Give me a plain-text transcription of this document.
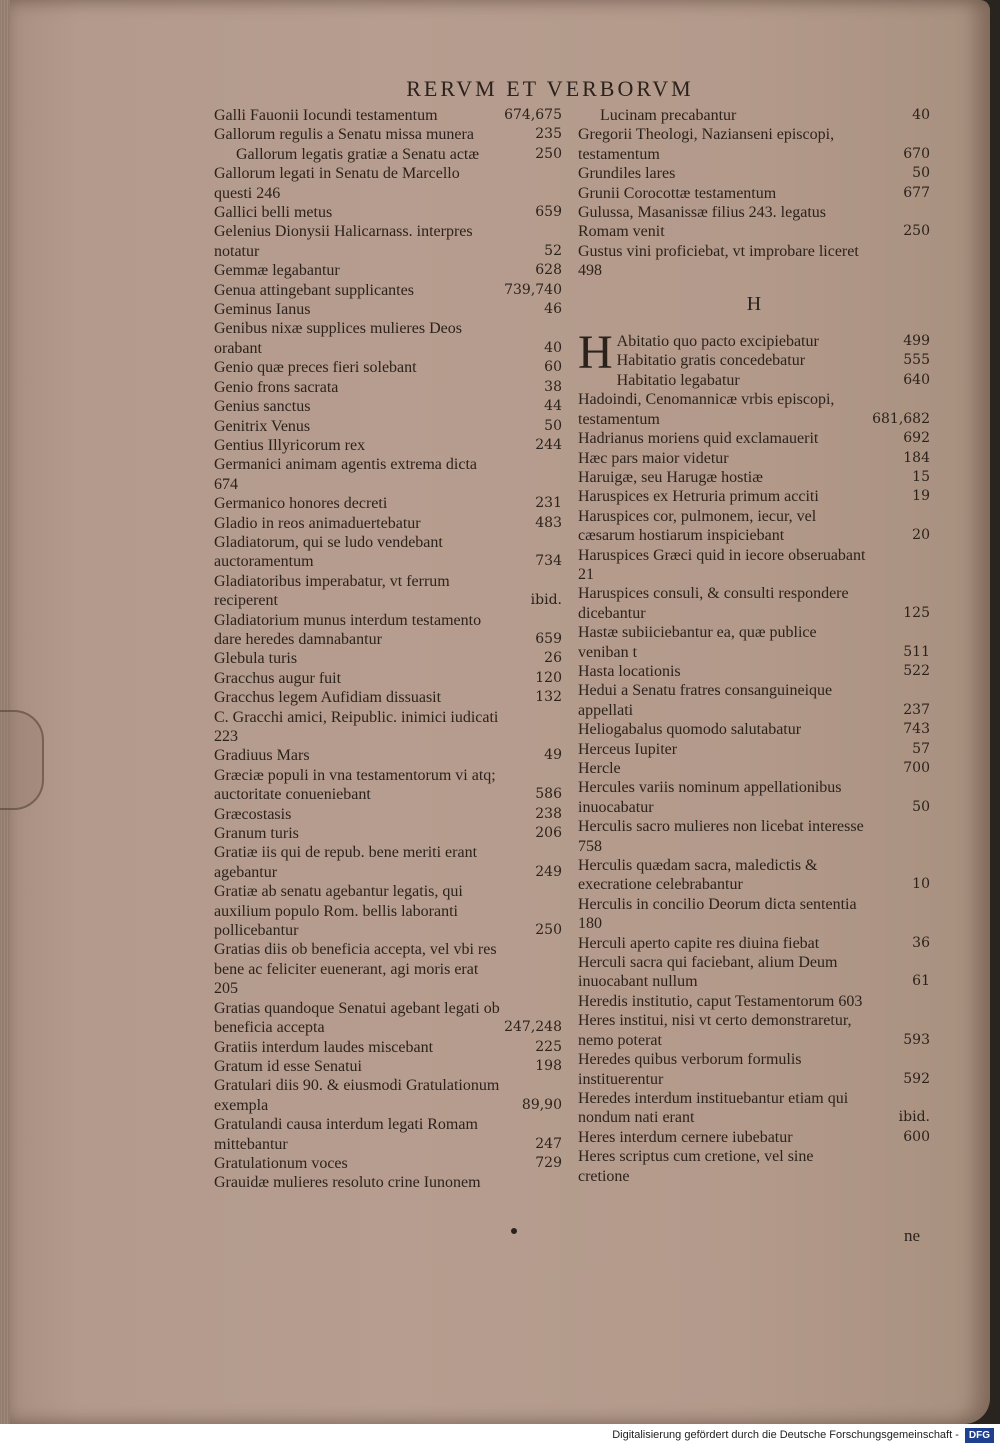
RERVM ET VERBORVM
Galli Fauonii Iocundi testamentum	674,675
Gallorum regulis a Senatu missa munera	235
Gallorum legatis gratiæ a Senatu actæ	250
Gallorum legati in Senatu de Marcello questi 246
Gallici belli metus	659
Gelenius Dionysii Halicarnass. interpres notatur	52
Gemmæ legabantur	628
Genua attingebant supplicantes	739,740
Geminus Ianus	46
Genibus nixæ supplices mulieres Deos orabant	40
Genio quæ preces fieri solebant	60
Genio frons sacrata	38
Genius sanctus	44
Genitrix Venus	50
Gentius Illyricorum rex	244
Germanici animam agentis extrema dicta 674
Germanico honores decreti	231
Gladio in reos animaduertebatur	483
Gladiatorum, qui se ludo vendebant auctoramentum	734
Gladiatoribus imperabatur, vt ferrum reciperent	ibid.
Gladiatorium munus interdum testamento dare heredes damnabantur	659
Glebula turis	26
Gracchus augur fuit	120
Gracchus legem Aufidiam dissuasit	132
C. Gracchi amici, Reipublic. inimici iudicati 223
Gradiuus Mars	49
Græciæ populi in vna testamentorum vi atq; auctoritate conueniebant	586
Græcostasis	238
Granum turis	206
Gratiæ iis qui de repub. bene meriti erant agebantur	249
Gratiæ ab senatu agebantur legatis, qui auxilium populo Rom. bellis laboranti pollicebantur	250
Gratias diis ob beneficia accepta, vel vbi res bene ac feliciter euenerant, agi moris erat 205
Gratias quandoque Senatui agebant legati ob beneficia accepta	247,248
Gratiis interdum laudes miscebant	225
Gratum id esse Senatui	198
Gratulari diis 90. & eiusmodi Gratulationum exempla	89,90
Gratulandi causa interdum legati Romam mittebantur	247
Gratulationum voces	729
Grauidæ mulieres resoluto crine Iunonem
Lucinam precabantur	40
Gregorii Theologi, Nazianseni episcopi, testamentum	670
Grundiles lares	50
Grunii Corocottæ testamentum	677
Gulussa, Masanissæ filius 243. legatus Romam venit	250
Gustus vini proficiebat, vt improbare liceret 498
H
H Abitatio quo pacto excipiebatur	499
Habitatio gratis concedebatur	555
Habitatio legabatur	640
Hadoindi, Cenomannicæ vrbis episcopi, testamentum	681,682
Hadrianus moriens quid exclamauerit	692
Hæc pars maior videtur	184
Haruigæ, seu Harugæ hostiæ	15
Haruspices ex Hetruria primum acciti	19
Haruspices cor, pulmonem, iecur, vel cæsarum hostiarum inspiciebant	20
Haruspices Græci quid in iecore obseruabant 21
Haruspices consuli, & consulti respondere dicebantur	125
Hastæ subiiciebantur ea, quæ publice veniban t	511
Hasta locationis	522
Hedui a Senatu fratres consanguineique appellati	237
Heliogabalus quomodo salutabatur	743
Herceus Iupiter	57
Hercle	700
Hercules variis nominum appellationibus inuocabatur	50
Herculis sacro mulieres non licebat interesse 758
Herculis quædam sacra, maledictis & execratione celebrabantur	10
Herculis in concilio Deorum dicta sententia 180
Herculi aperto capite res diuina fiebat	36
Herculi sacra qui faciebant, alium Deum inuocabant nullum	61
Heredis institutio, caput Testamentorum 603
Heres institui, nisi vt certo demonstraretur, nemo poterat	593
Heredes quibus verborum formulis instituerentur	592
Heredes interdum instituebantur etiam qui nondum nati erant	ibid.
Heres interdum cernere iubebatur	600
Heres scriptus cum cretione, vel sine cretione
ne
Digitalisierung gefördert durch die Deutsche Forschungsgemeinschaft -	DFG
